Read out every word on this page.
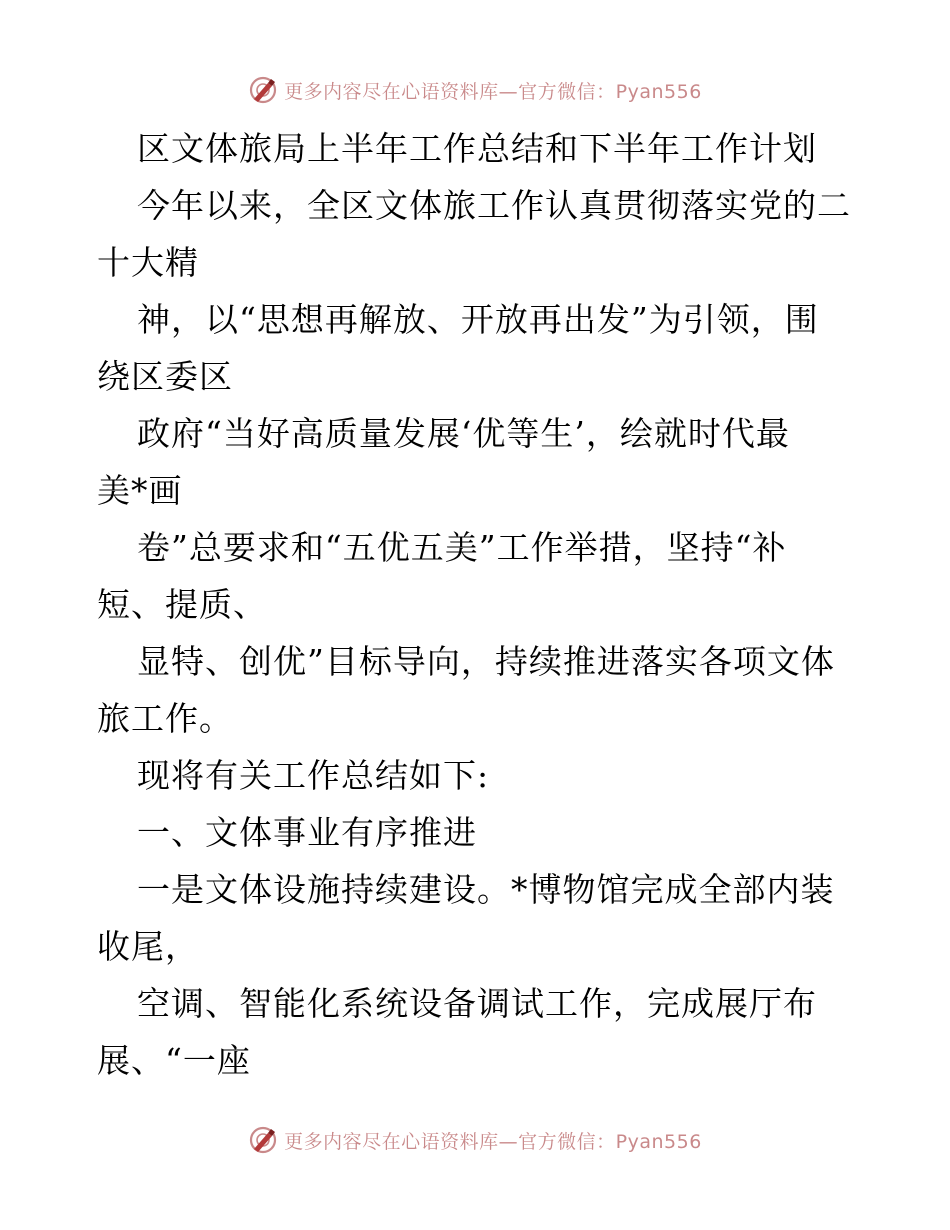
更多内容尽在心语资料库—官方微信：Pyan556
区文体旅局上半年工作总结和下半年工作计划
今年以来，全区文体旅工作认真贯彻落实党的二
十大精
神，以“思想再解放、开放再出发”为引领，围
绕区委区
政府“当好高质量发展‘优等生’，绘就时代最
美*画
卷”总要求和“五优五美”工作举措，坚持“补
短、提质、
显特、创优”目标导向，持续推进落实各项文体
旅工作。
现将有关工作总结如下:
一、文体事业有序推进
一是文体设施持续建设。*博物馆完成全部内装
收尾，
空调、智能化系统设备调试工作，完成展厅布
展、“一座
更多内容尽在心语资料库—官方微信：Pyan556
